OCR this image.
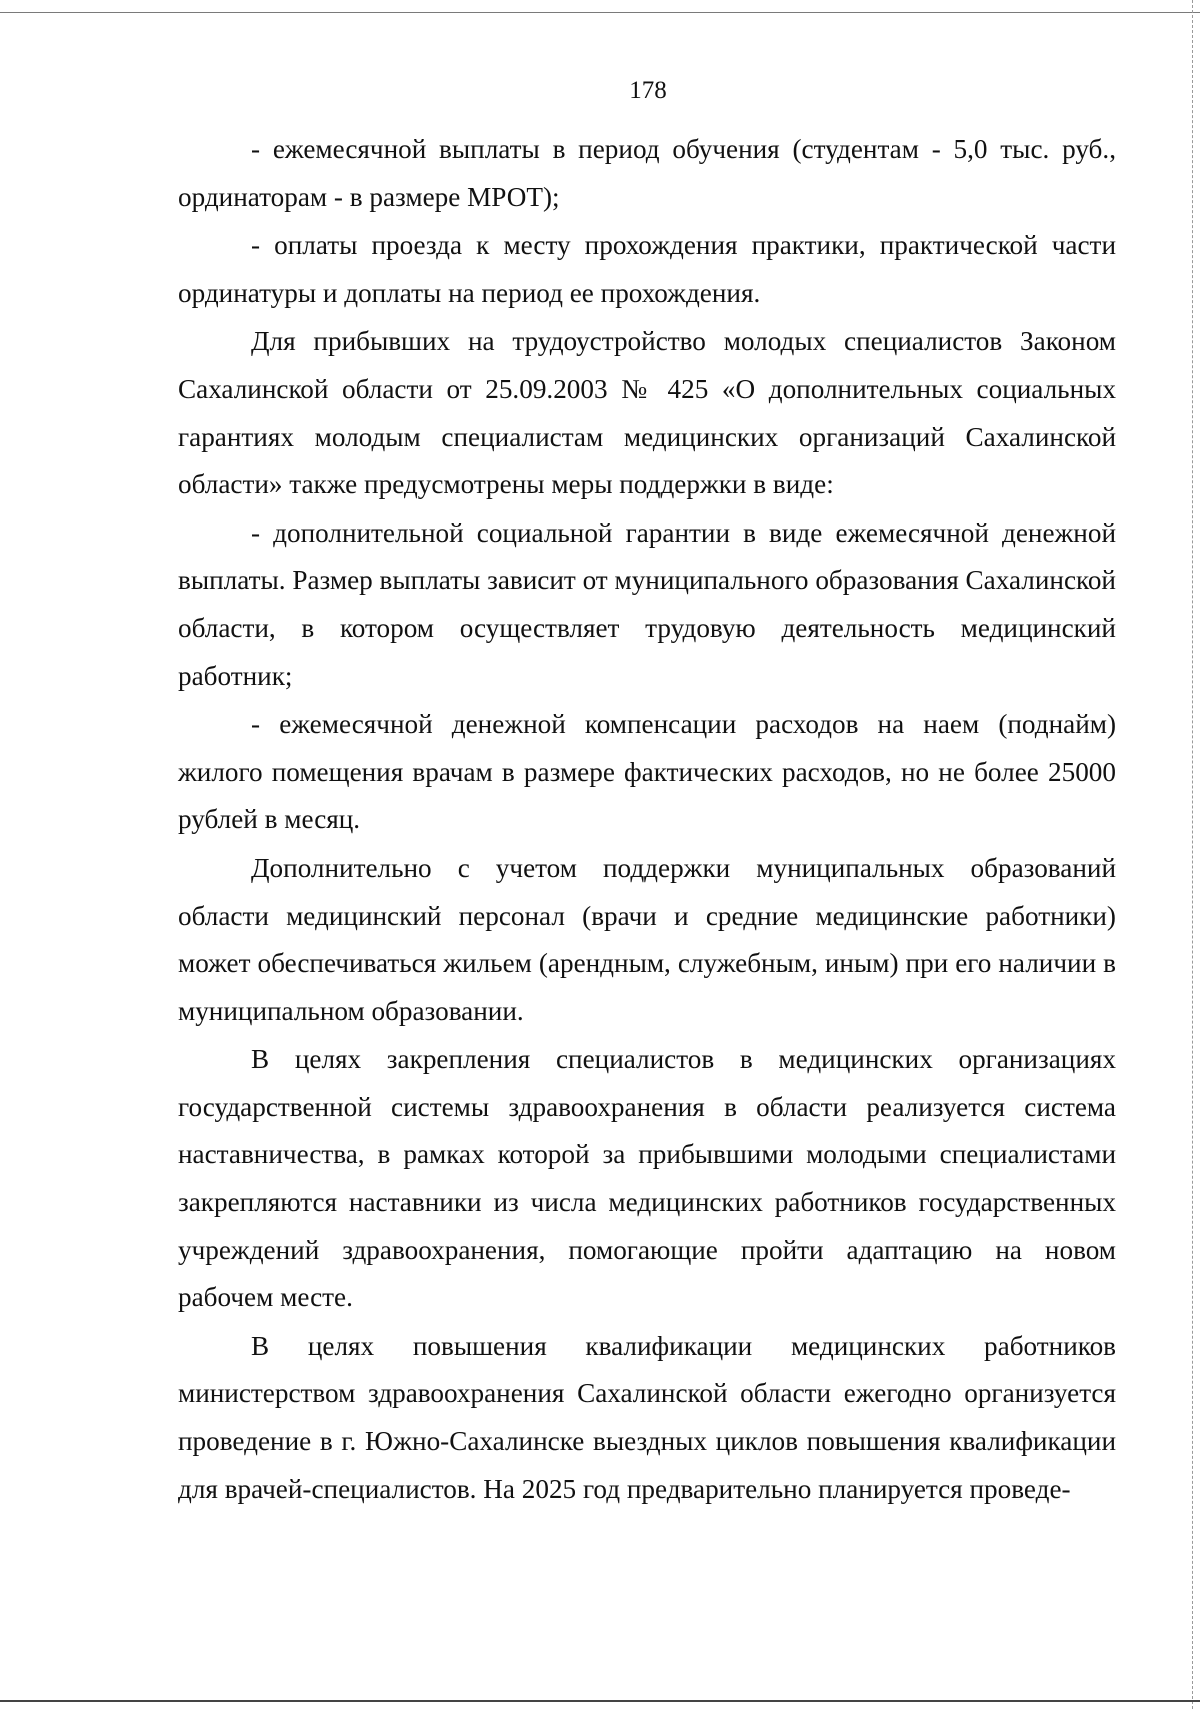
178

- ежемесячной выплаты в период обучения (студентам - 5,0 тыс. руб., ординаторам - в размере МРОТ);

- оплаты проезда к месту прохождения практики, практической части ординатуры и доплаты на период ее прохождения.

Для прибывших на трудоустройство молодых специалистов Законом Сахалинской области от 25.09.2003 № 425 «О дополнительных социальных гарантиях молодым специалистам медицинских организаций Сахалинской области» также предусмотрены меры поддержки в виде:

- дополнительной социальной гарантии в виде ежемесячной денежной выплаты. Размер выплаты зависит от муниципального образования Сахалинской области, в котором осуществляет трудовую деятельность медицинский работник;

- ежемесячной денежной компенсации расходов на наем (поднайм) жилого помещения врачам в размере фактических расходов, но не более 25000 рублей в месяц.

Дополнительно с учетом поддержки муниципальных образований области медицинский персонал (врачи и средние медицинские работники) может обеспечиваться жильем (арендным, служебным, иным) при его наличии в муниципальном образовании.

В целях закрепления специалистов в медицинских организациях государственной системы здравоохранения в области реализуется система наставничества, в рамках которой за прибывшими молодыми специалистами закрепляются наставники из числа медицинских работников государственных учреждений здравоохранения, помогающие пройти адаптацию на новом рабочем месте.

В целях повышения квалификации медицинских работников министерством здравоохранения Сахалинской области ежегодно организуется проведение в г. Южно-Сахалинске выездных циклов повышения квалификации для врачей-специалистов. На 2025 год предварительно планируется проведе-
